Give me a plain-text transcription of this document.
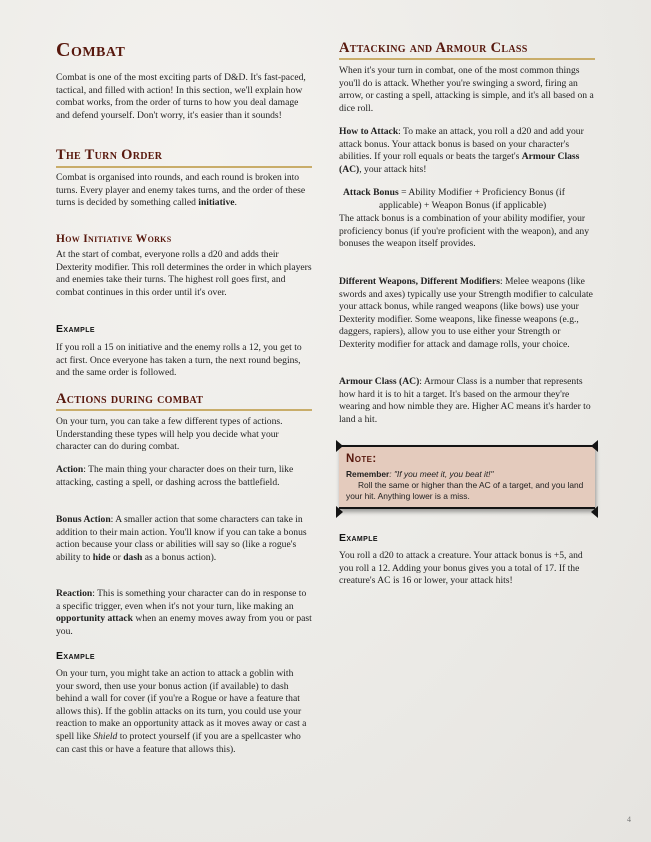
Combat

Combat is one of the most exciting parts of D&D. It's fast-paced, tactical, and filled with action! In this section, we'll explain how combat works, from the order of turns to how you deal damage and defend yourself. Don't worry, it's easier than it sounds!

The Turn Order

Combat is organised into rounds, and each round is broken into turns. Every player and enemy takes turns, and the order of these turns is decided by something called initiative.

How Initiative Works

At the start of combat, everyone rolls a d20 and adds their Dexterity modifier. This roll determines the order in which players and enemies take their turns. The highest roll goes first, and combat continues in this order until it's over.

Example

If you roll a 15 on initiative and the enemy rolls a 12, you get to act first. Once everyone has taken a turn, the next round begins, and the same order is followed.

Actions during combat

On your turn, you can take a few different types of actions. Understanding these types will help you decide what your character can do during combat.

Action: The main thing your character does on their turn, like attacking, casting a spell, or dashing across the battlefield.

Bonus Action: A smaller action that some characters can take in addition to their main action. You'll know if you can take a bonus action because your class or abilities will say so (like a rogue's ability to hide or dash as a bonus action).

Reaction: This is something your character can do in response to a specific trigger, even when it's not your turn, like making an opportunity attack when an enemy moves away from you or past you.

Example

On your turn, you might take an action to attack a goblin with your sword, then use your bonus action (if available) to dash behind a wall for cover (if you're a Rogue or have a feature that allows this). If the goblin attacks on its turn, you could use your reaction to make an opportunity attack as it moves away or cast a spell like Shield to protect yourself (if you are a spellcaster who can cast this or have a feature that allows this).

Attacking and Armour Class

When it's your turn in combat, one of the most common things you'll do is attack. Whether you're swinging a sword, firing an arrow, or casting a spell, attacking is simple, and it's all based on a dice roll.

How to Attack: To make an attack, you roll a d20 and add your attack bonus. Your attack bonus is based on your character's abilities. If your roll equals or beats the target's Armour Class (AC), your attack hits!

Attack Bonus = Ability Modifier + Proficiency Bonus (if
applicable) + Weapon Bonus (if applicable)

The attack bonus is a combination of your ability modifier, your proficiency bonus (if you're proficient with the weapon), and any bonuses the weapon itself provides.

Different Weapons, Different Modifiers: Melee weapons (like swords and axes) typically use your Strength modifier to calculate your attack bonus, while ranged weapons (like bows) use your Dexterity modifier. Some weapons, like finesse weapons (e.g., daggers, rapiers), allow you to use either your Strength or Dexterity modifier for attack and damage rolls, your choice.

Armour Class (AC): Armour Class is a number that represents how hard it is to hit a target. It's based on the armour they're wearing and how nimble they are. Higher AC means it's harder to land a hit.

Note:
Remember: "If you meet it, you beat it!"
Roll the same or higher than the AC of a target, and you land your hit. Anything lower is a miss.
Example

You roll a d20 to attack a creature. Your attack bonus is +5, and you roll a 12. Adding your bonus gives you a total of 17. If the creature's AC is 16 or lower, your attack hits!

4
